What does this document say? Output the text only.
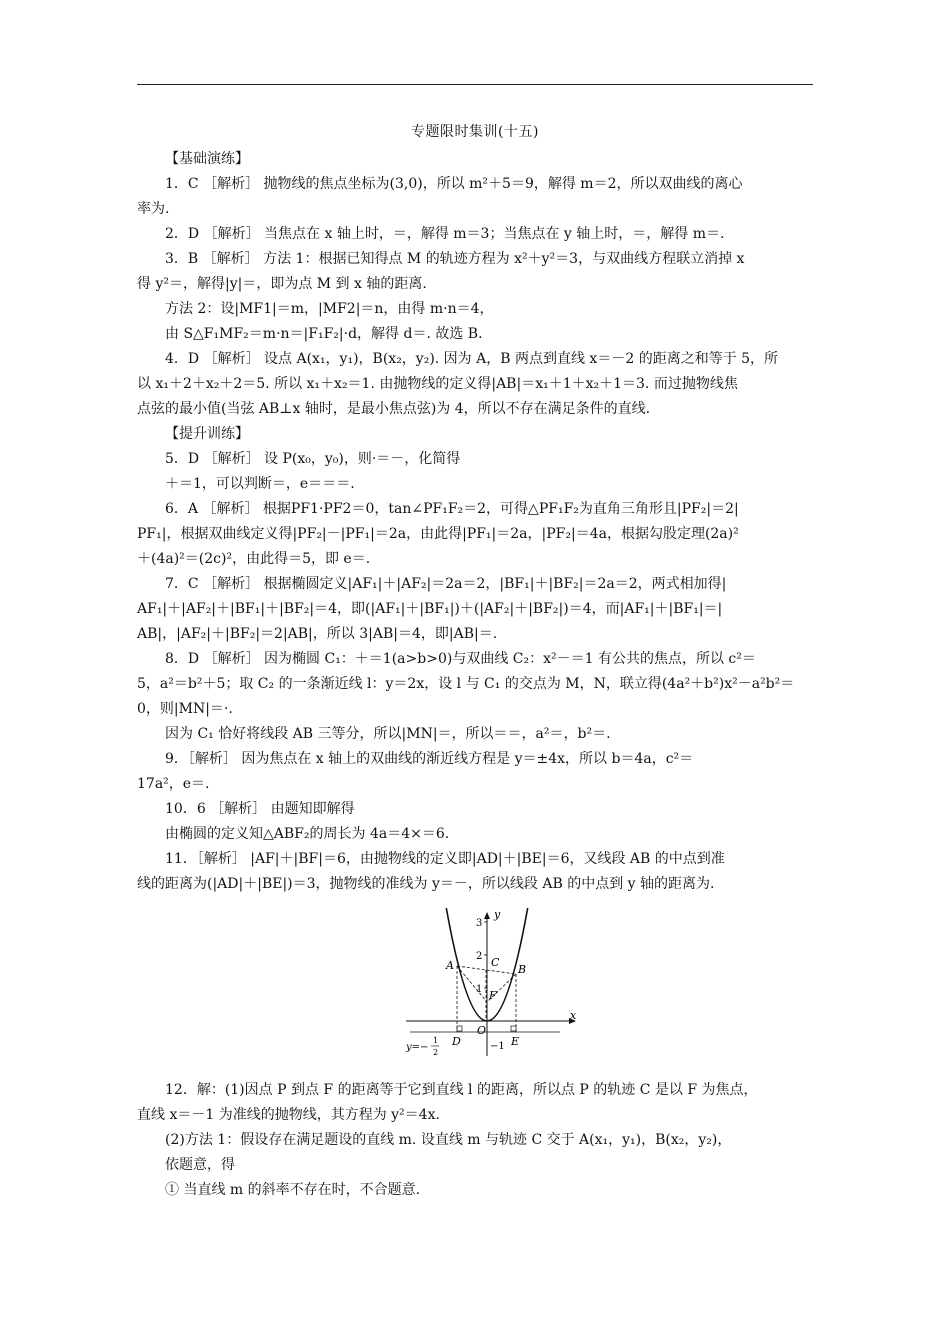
专题限时集训(十五)
【基础演练】
1．C ［解析］ 抛物线的焦点坐标为(3,0)，所以 m²＋5＝9，解得 m＝2，所以双曲线的离心
率为.
2．D ［解析］ 当焦点在 x 轴上时，＝，解得 m＝3；当焦点在 y 轴上时，＝，解得 m＝.
3．B ［解析］ 方法 1：根据已知得点 M 的轨迹方程为 x²＋y²＝3，与双曲线方程联立消掉 x
得 y²＝，解得|y|＝，即为点 M 到 x 轴的距离.
方法 2：设|MF1|＝m，|MF2|＝n，由得 m·n＝4，
由 S△F₁MF₂＝m·n＝|F₁F₂|·d，解得 d＝. 故选 B.
4．D ［解析］ 设点 A(x₁，y₁)，B(x₂，y₂). 因为 A，B 两点到直线 x＝－2 的距离之和等于 5，所
以 x₁＋2＋x₂＋2＝5. 所以 x₁＋x₂＝1. 由抛物线的定义得|AB|＝x₁＋1＋x₂＋1＝3. 而过抛物线焦
点弦的最小值(当弦 AB⊥x 轴时，是最小焦点弦)为 4，所以不存在满足条件的直线.
【提升训练】
5．D ［解析］ 设 P(x₀，y₀)，则·＝－，化简得
＋＝1，可以判断＝，e＝＝＝.
6．A ［解析］ 根据PF1·PF2＝0，tan∠PF₁F₂＝2，可得△PF₁F₂为直角三角形且|PF₂|＝2|
PF₁|，根据双曲线定义得|PF₂|－|PF₁|＝2a，由此得|PF₁|＝2a，|PF₂|＝4a，根据勾股定理(2a)²
＋(4a)²＝(2c)²，由此得＝5，即 e＝.
7．C ［解析］ 根据椭圆定义|AF₁|＋|AF₂|＝2a＝2，|BF₁|＋|BF₂|＝2a＝2，两式相加得|
AF₁|＋|AF₂|＋|BF₁|＋|BF₂|＝4，即(|AF₁|＋|BF₁|)＋(|AF₂|＋|BF₂|)＝4，而|AF₁|＋|BF₁|＝|
AB|，|AF₂|＋|BF₂|＝2|AB|，所以 3|AB|＝4，即|AB|＝.
8．D ［解析］ 因为椭圆 C₁：＋＝1(a>b>0)与双曲线 C₂：x²－＝1 有公共的焦点，所以 c²＝
5，a²＝b²＋5；取 C₂ 的一条渐近线 l：y＝2x，设 l 与 C₁ 的交点为 M，N，联立得(4a²＋b²)x²－a²b²＝
0，则|MN|＝·.
因为 C₁ 恰好将线段 AB 三等分，所以|MN|＝，所以＝＝，a²＝，b²＝.
9．［解析］ 因为焦点在 x 轴上的双曲线的渐近线方程是 y＝±4x，所以 b＝4a，c²＝
17a²，e＝.
10．6 ［解析］ 由题知即解得
由椭圆的定义知△ABF₂的周长为 4a＝4×＝6.
11．［解析］ |AF|＋|BF|＝6，由抛物线的定义即|AD|＋|BE|＝6，又线段 AB 的中点到准
线的距离为(|AD|＋|BE|)＝3，抛物线的准线为 y＝－，所以线段 AB 的中点到 y 轴的距离为.
12．解：(1)因点 P 到点 F 的距离等于它到直线 l 的距离，所以点 P 的轨迹 C 是以 F 为焦点，
直线 x＝－1 为准线的抛物线，其方程为 y²＝4x.
(2)方法 1：假设存在满足题设的直线 m. 设直线 m 与轨迹 C 交于 A(x₁，y₁)，B(x₂，y₂)，
依题意，得
① 当直线 m 的斜率不存在时，不合题意.
y
x
O
3
2
1
−1
A	B
C
F
D	E
y=−
1
2
